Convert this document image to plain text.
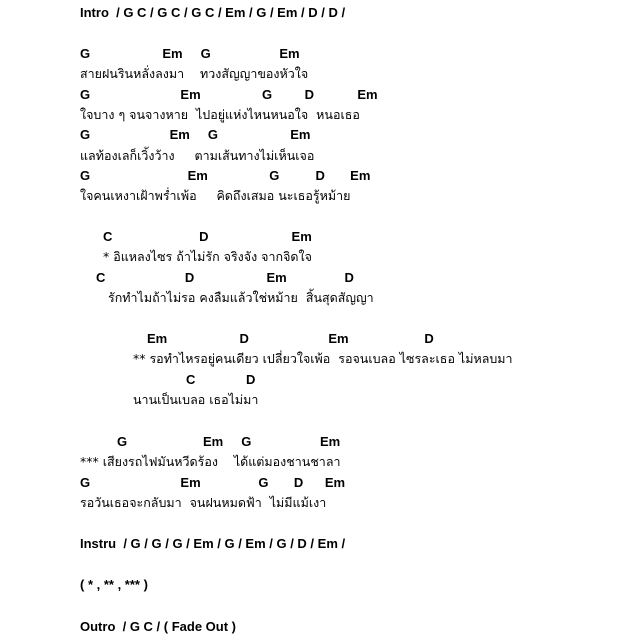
Intro  / G C / G C / G C / Em / G / Em / D / D /
G                    Em     G                   Em
สายฝนรินหลั่งลงมา    ทวงสัญญาของหัวใจ
G                         Em                 G         D            Em
ใจบาง ๆ จนจางหาย  ไปอยู่แห่งไหนหนอใจ  หนอเธอ
G                      Em     G                    Em
แลท้องเลก็เวิ้งว้าง     ตามเส้นทางไม่เห็นเจอ
G                           Em                 G          D       Em
ใจคนเหงาเฝ้าพร่ำเพ้อ     คิดถึงเสมอ นะเธอรู้หม้าย
C                        D                       Em
* อิแหลงไซร ถ้าไม่รัก จริงจัง จากจิดใจ
C                      D                    Em                D
รักทำไมถ้าไม่รอ คงลืมแล้วใช่หม้าย  สิ้นสุดสัญญา
Em                    D                      Em                     D
** รอทำไหรอยู่คนเดียว เปลี่ยวใจเพ้อ  รอจนเบลอ ไซรละเธอ ไม่หลบมา
C              D
นานเป็นเบลอ เธอไม่มา
G                     Em     G                   Em
*** เสียงรถไฟมันหวีดร้อง    ได้แต่มองชานชาลา
G                         Em                G       D      Em
รอวันเธอจะกลับมา  จนฝนหมดฟ้า  ไม่มีแม้เงา
Instru  / G / G / G / Em / G / Em / G / D / Em /
( * , ** , *** )
Outro  / G C / ( Fade Out )
